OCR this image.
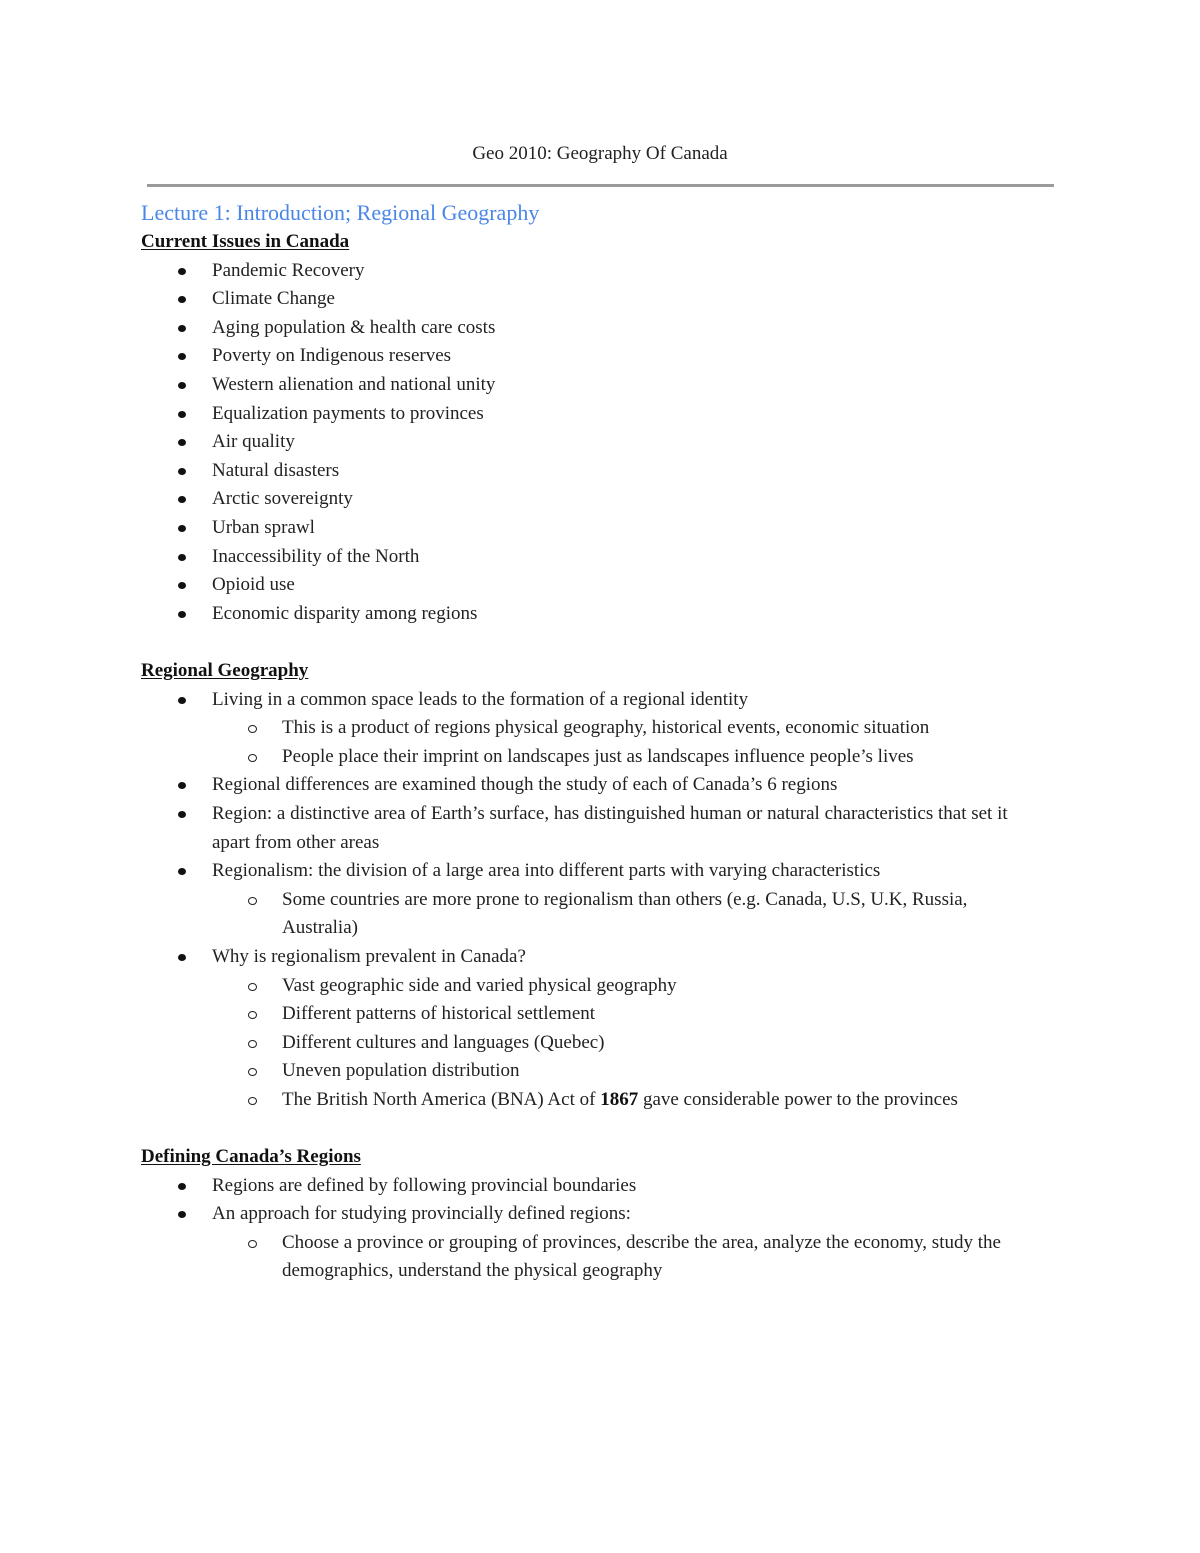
Geo 2010: Geography Of Canada
Lecture 1: Introduction; Regional Geography
Current Issues in Canada
Pandemic Recovery
Climate Change
Aging population & health care costs
Poverty on Indigenous reserves
Western alienation and national unity
Equalization payments to provinces
Air quality
Natural disasters
Arctic sovereignty
Urban sprawl
Inaccessibility of the North
Opioid use
Economic disparity among regions
Regional Geography
Living in a common space leads to the formation of a regional identity
This is a product of regions physical geography, historical events, economic situation
People place their imprint on landscapes just as landscapes influence people’s lives
Regional differences are examined though the study of each of Canada’s 6 regions
Region: a distinctive area of Earth’s surface, has distinguished human or natural characteristics that set it apart from other areas
Regionalism: the division of a large area into different parts with varying characteristics
Some countries are more prone to regionalism than others (e.g. Canada, U.S, U.K, Russia, Australia)
Why is regionalism prevalent in Canada?
Vast geographic side and varied physical geography
Different patterns of historical settlement
Different cultures and languages (Quebec)
Uneven population distribution
The British North America (BNA) Act of 1867 gave considerable power to the provinces
Defining Canada’s Regions
Regions are defined by following provincial boundaries
An approach for studying provincially defined regions:
Choose a province or grouping of provinces, describe the area, analyze the economy, study the demographics, understand the physical geography
